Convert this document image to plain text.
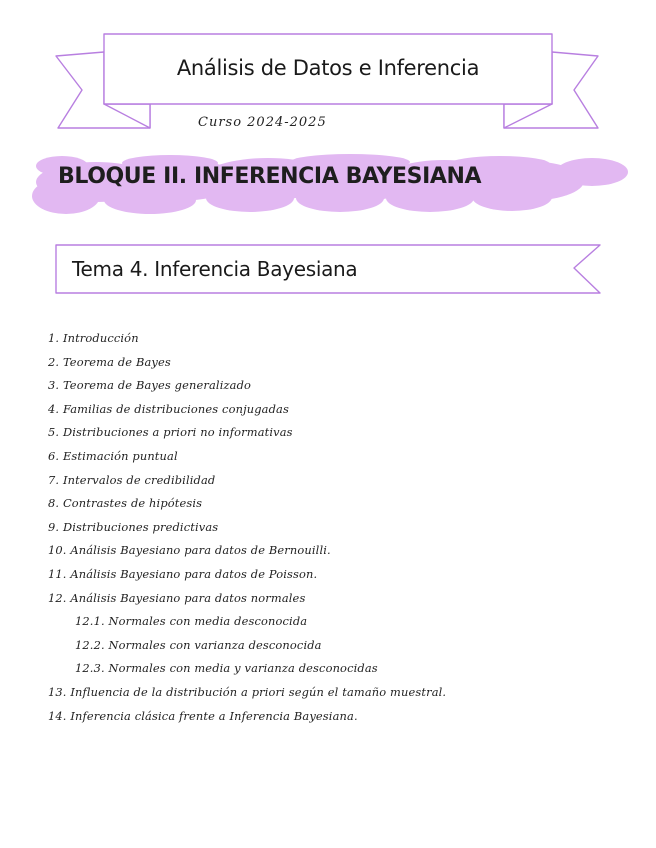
Análisis de Datos e Inferencia
Curso 2024-2025
BLOQUE II. INFERENCIA BAYESIANA
Tema 4. Inferencia Bayesiana
1. Introducción
2. Teorema de Bayes
3. Teorema de Bayes generalizado
4. Familias de distribuciones conjugadas
5. Distribuciones a priori no informativas
6. Estimación puntual
7. Intervalos de credibilidad
8. Contrastes de hipótesis
9. Distribuciones predictivas
10. Análisis Bayesiano para datos de Bernouilli.
11. Análisis Bayesiano para datos de Poisson.
12. Análisis Bayesiano para datos normales
12.1. Normales con media desconocida
12.2. Normales con varianza desconocida
12.3. Normales con media y varianza desconocidas
13. Influencia de la distribución a priori según el tamaño muestral.
14. Inferencia clásica frente a Inferencia Bayesiana.
